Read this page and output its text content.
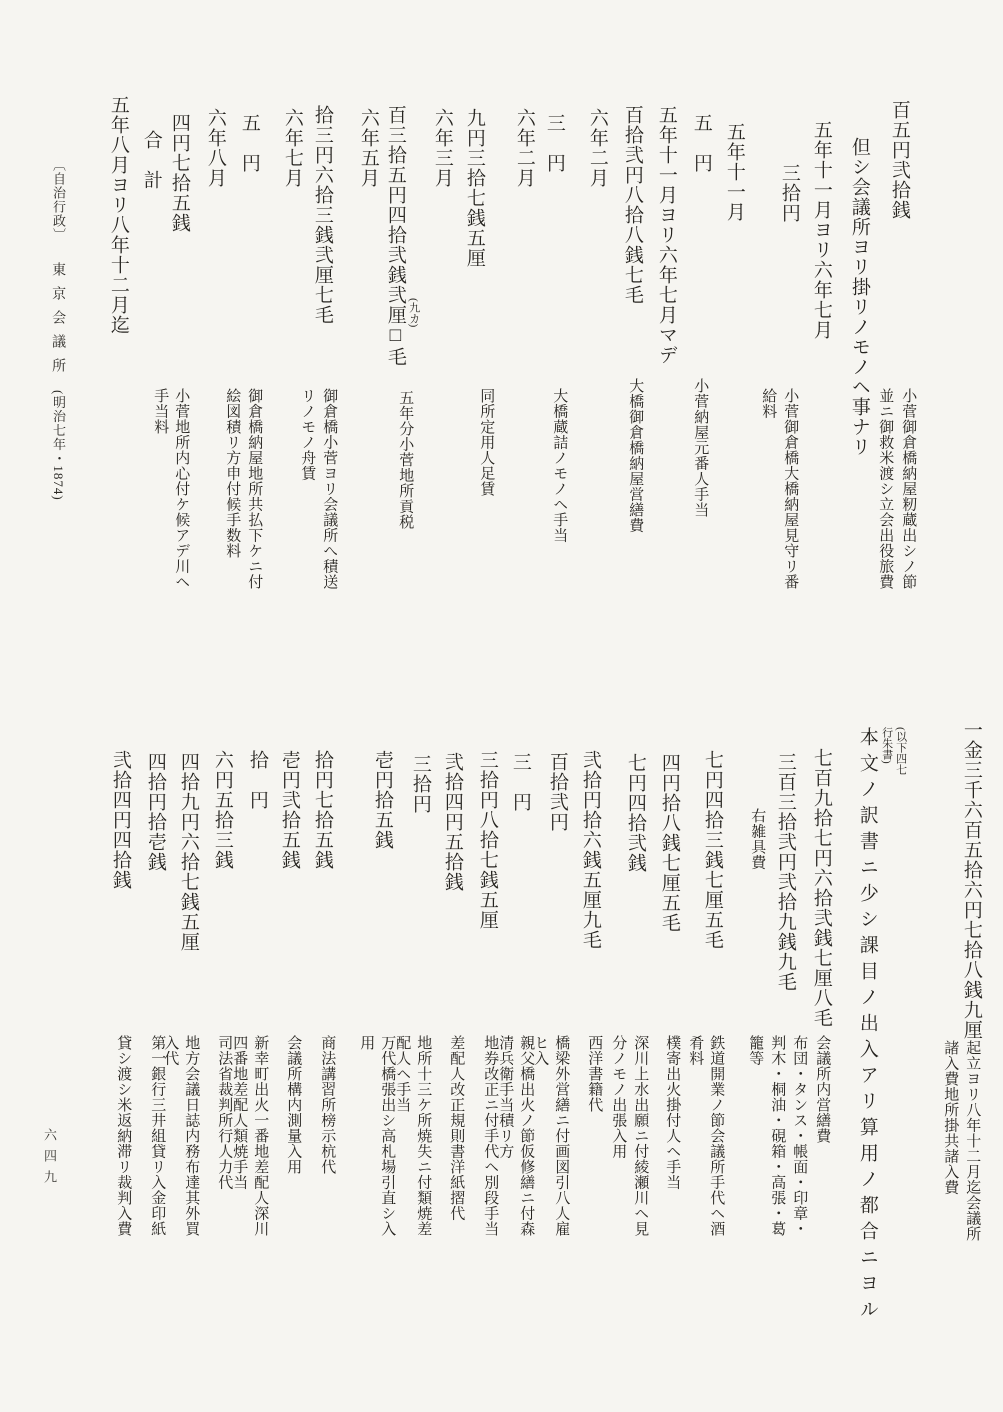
百五円弐拾銭
小菅御倉橋納屋籾蔵出シノ節
並ニ御救米渡シ立会出役旅費
但シ会議所ヨリ掛リノモノヘ事ナリ
五年十一月ヨリ六年七月
三拾円
小菅御倉橋大橋納屋見守リ番
給料
五年十一月
五　円
小菅納屋元番人手当
五年十一月ヨリ六年七月マデ
百拾弐円八拾八銭七毛
大橋御倉橋納屋営繕費
六年二月
三　円
大橋蔵詰ノモノヘ手当
六年二月
九円三拾七銭五厘
同所定用人足賃
六年三月
百三拾五円四拾弐銭弐厘□毛 (九カ)
五年分小菅地所貢税
六年五月
拾三円六拾三銭弐厘七毛
御倉橋小菅ヨリ会議所へ積送
リノモノ舟賃
六年七月
五　円
御倉橋納屋地所共払下ケニ付
絵図積リ方申付候手数料
六年八月
四円七拾五銭
小菅地所内心付ケ候アデ川ヘ
手当料
合　計
五年八月ヨリ八年十二月迄
〔自治行政〕
東京会議所
(明治七年・1874)
一金三千六百五拾六円七拾八銭九厘
起立ヨリ八年十二月迄会議所
諸入費地所掛共諸入費
(以下四七
行朱書)
本文ノ訳書ニ少シ課目ノ出入アリ算用ノ都合ニヨル
七百九拾七円六拾弐銭七厘八毛
会議所内営繕費
布団・タンス・帳面・印章・
判木・桐油・硯箱・高張・葛
籠等
三百三拾弐円弐拾九銭九毛
右雑具費
七円四拾三銭七厘五毛
鉄道開業ノ節会議所手代ヘ酒
肴料
四円拾八銭七厘五毛
樸寄出火掛付人ヘ手当
七円四拾弐銭
深川上水出願ニ付綾瀬川ヘ見
分ノモノ出張入用
弐拾円拾六銭五厘九毛
西洋書籍代
百拾弐円
橋梁外営繕ニ付画図引八人雇
ヒ入
三　円
親父橋出火ノ節仮修繕ニ付森
清兵衛手当積リ方
三拾円八拾七銭五厘
地券改正ニ付手代ヘ別段手当
弐拾四円五拾銭
差配人改正規則書洋紙摺代
三拾円
地所十三ケ所焼失ニ付類焼差
配人ヘ手当
壱円拾五銭
万代橋張出シ高札場引直シ入
用
拾円七拾五銭
商法講習所榜示杭代
壱円弐拾五銭
会議所構内測量入用
拾　円
新幸町出火一番地差配人深川
四番地差配人類焼手当
六円五拾三銭
司法省裁判所行人力代
四拾九円六拾七銭五厘
地方会議日誌内務布達其外買
入代
四拾円拾壱銭
第一銀行三井組貸リ入金印紙
弐拾四円四拾銭
貸シ渡シ米返納滞リ裁判入費
六四九
